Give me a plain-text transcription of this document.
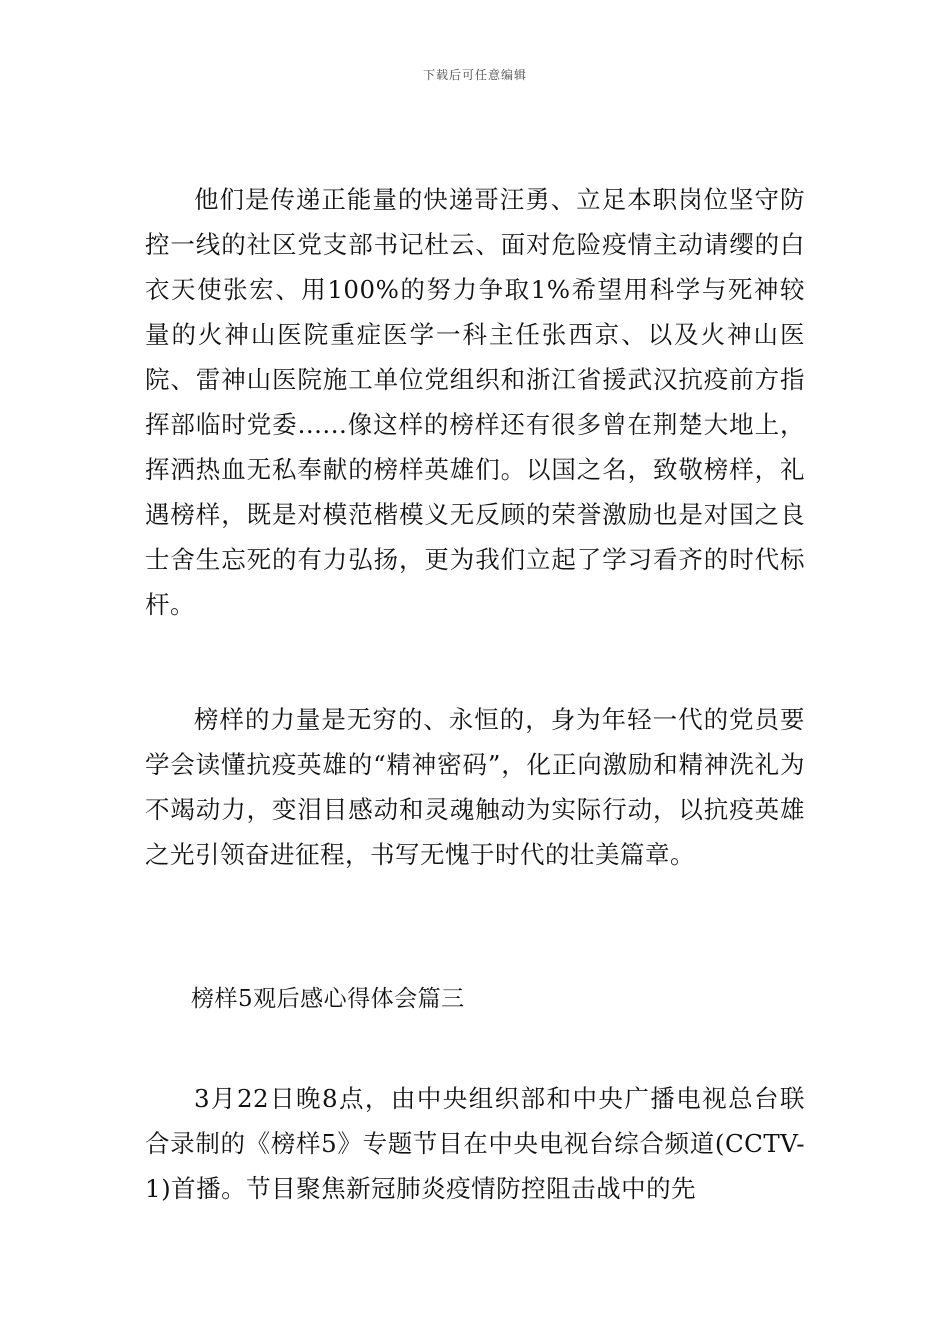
下载后可任意编辑

他们是传递正能量的快递哥汪勇、立足本职岗位坚守防控一线的社区党支部书记杜云、面对危险疫情主动请缨的白衣天使张宏、用100%的努力争取1%希望用科学与死神较量的火神山医院重症医学一科主任张西京、以及火神山医院、雷神山医院施工单位党组织和浙江省援武汉抗疫前方指挥部临时党委......像这样的榜样还有很多曾在荆楚大地上，挥洒热血无私奉献的榜样英雄们。以国之名，致敬榜样，礼遇榜样，既是对模范楷模义无反顾的荣誉激励也是对国之良士舍生忘死的有力弘扬，更为我们立起了学习看齐的时代标杆。

榜样的力量是无穷的、永恒的，身为年轻一代的党员要学会读懂抗疫英雄的“精神密码”，化正向激励和精神洗礼为不竭动力，变泪目感动和灵魂触动为实际行动，以抗疫英雄之光引领奋进征程，书写无愧于时代的壮美篇章。

榜样5观后感心得体会篇三

3月22日晚8点，由中央组织部和中央广播电视总台联合录制的《榜样5》专题节目在中央电视台综合频道(CCTV-1)首播。节目聚焦新冠肺炎疫情防控阻击战中的先
